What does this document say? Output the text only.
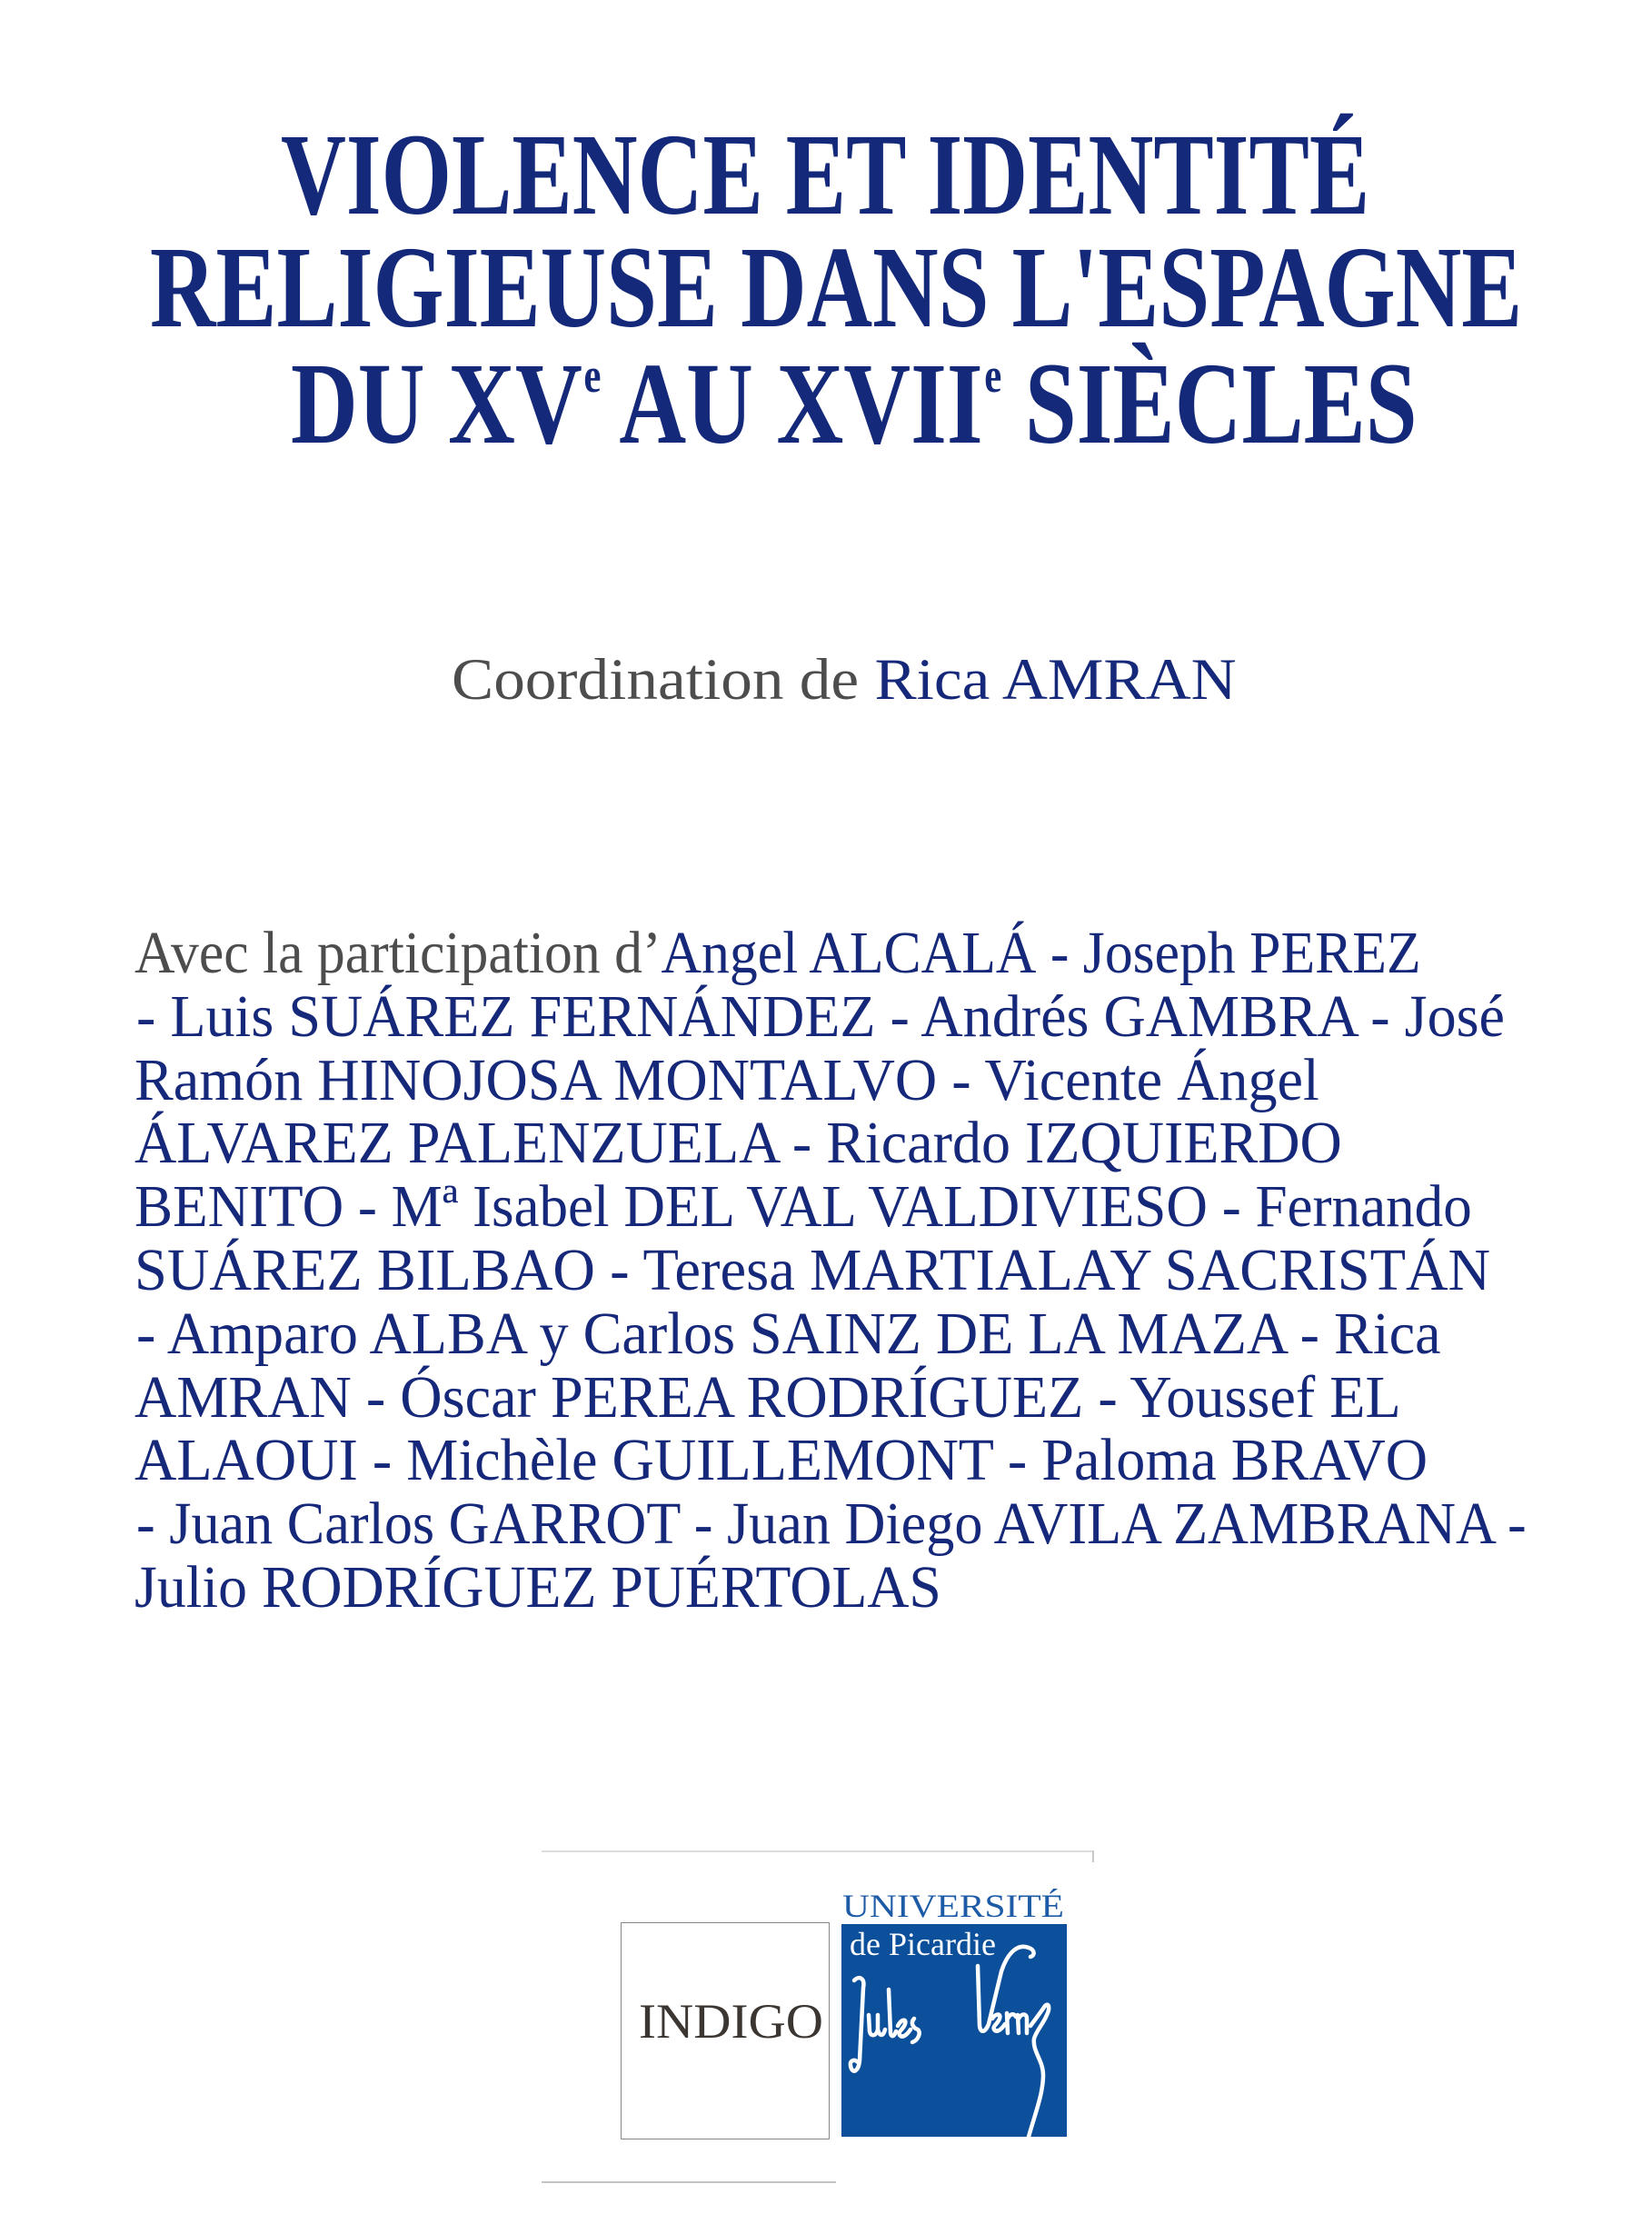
VIOLENCE ET IDENTITÉ
RELIGIEUSE DANS L'ESPAGNE
DU XVe AU XVIIe SIÈCLES
Coordination de Rica AMRAN
Avec la participation d’Angel ALCALÁ - Joseph PEREZ
- Luis SUÁREZ FERNÁNDEZ - Andrés GAMBRA - José
Ramón HINOJOSA MONTALVO - Vicente Ángel
ÁLVAREZ PALENZUELA - Ricardo IZQUIERDO
BENITO - Mª Isabel DEL VAL VALDIVIESO - Fernando
SUÁREZ BILBAO - Teresa MARTIALAY SACRISTÁN
- Amparo ALBA y Carlos SAINZ DE LA MAZA - Rica
AMRAN - Óscar PEREA RODRÍGUEZ - Youssef EL
ALAOUI - Michèle GUILLEMONT - Paloma BRAVO
- Juan Carlos GARROT - Juan Diego AVILA ZAMBRANA -
Julio RODRÍGUEZ PUÉRTOLAS
INDIGO
UNIVERSITÉ
de Picardie
